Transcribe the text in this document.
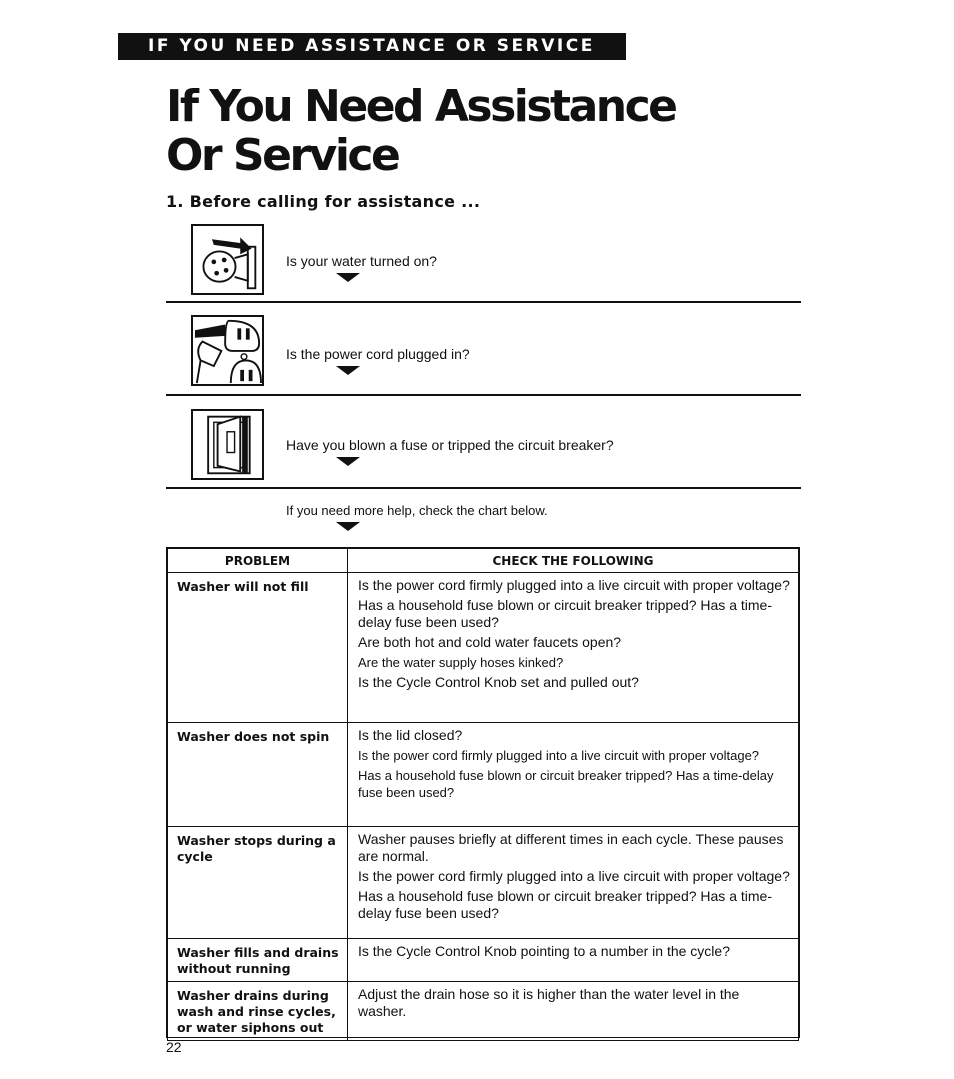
IF YOU NEED ASSISTANCE OR SERVICE
If You Need Assistance
Or Service
1. Before calling for assistance ...
Is your water turned on?
Is the power cord plugged in?
Have you blown a fuse or tripped the circuit breaker?
If you need more help, check the chart below.
PROBLEM	CHECK THE FOLLOWING
Washer will not fill	Is the power cord firmly plugged into a live circuit with proper voltage?

Has a household fuse blown or circuit breaker tripped? Has a time-delay fuse been used?

Are both hot and cold water faucets open?

Are the water supply hoses kinked?

Is the Cycle Control Knob set and pulled out?

Washer does not spin	Is the lid closed?

Is the power cord firmly plugged into a live circuit with proper voltage?

Has a household fuse blown or circuit breaker tripped? Has a time-delay fuse been used?

Washer stops during a cycle	Washer pauses briefly at different times in each cycle. These pauses are normal.

Is the power cord firmly plugged into a live circuit with proper voltage?

Has a household fuse blown or circuit breaker tripped? Has a time-delay fuse been used?

Washer fills and drains without running	Is the Cycle Control Knob pointing to a number in the cycle?

Washer drains during wash and rinse cycles, or water siphons out	Adjust the drain hose so it is higher than the water level in the washer.

22
